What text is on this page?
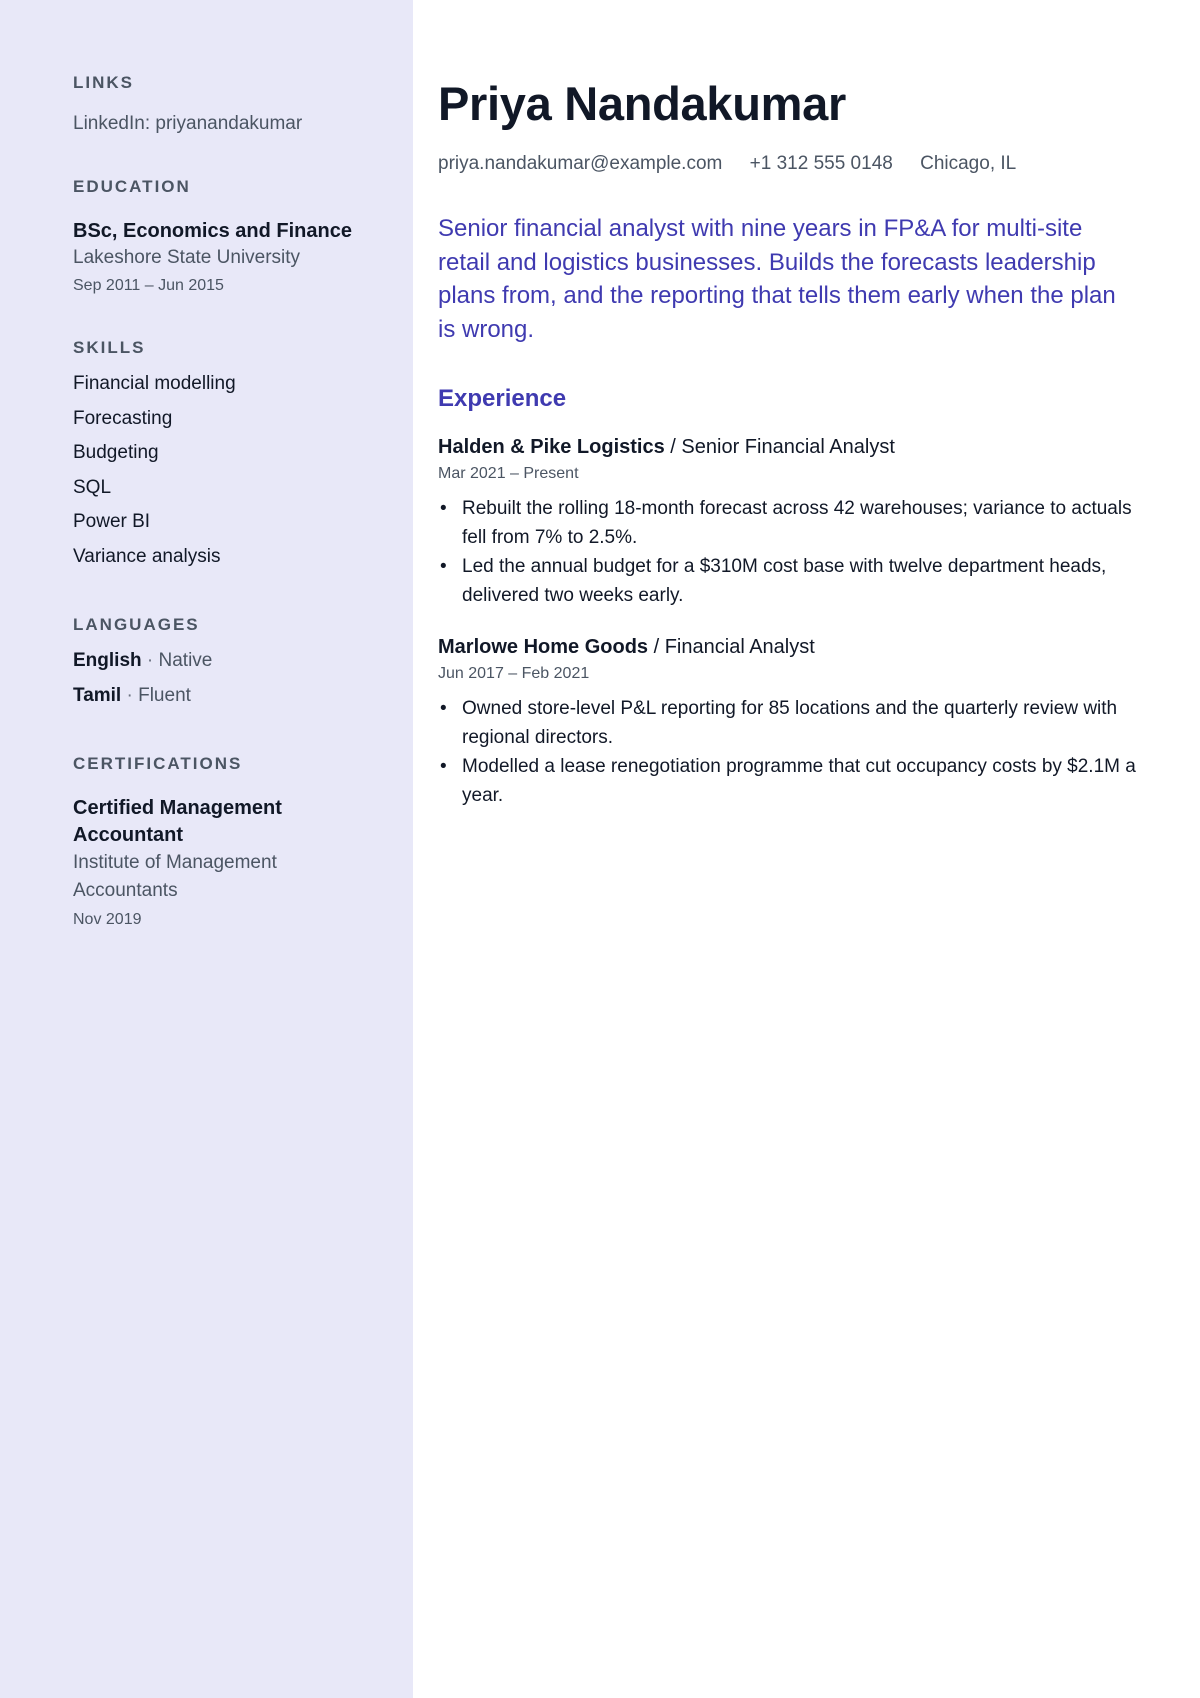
LINKS
LinkedIn: priyanandakumar
EDUCATION
BSc, Economics and Finance
Lakeshore State University
Sep 2011 – Jun 2015
SKILLS
Financial modelling
Forecasting
Budgeting
SQL
Power BI
Variance analysis
LANGUAGES
English · Native
Tamil · Fluent
CERTIFICATIONS
Certified Management Accountant
Institute of Management Accountants
Nov 2019
Priya Nandakumar
priya.nandakumar@example.com +1 312 555 0148 Chicago, IL

Senior financial analyst with nine years in FP&A for multi-site retail and logistics businesses. Builds the forecasts leadership plans from, and the reporting that tells them early when the plan is wrong.

Experience
Halden & Pike Logistics / Senior Financial Analyst
Mar 2021 – Present
• Rebuilt the rolling 18-month forecast across 42 warehouses; variance to actuals fell from 7% to 2.5%.
• Led the annual budget for a $310M cost base with twelve department heads, delivered two weeks early.
Marlowe Home Goods / Financial Analyst
Jun 2017 – Feb 2021
• Owned store-level P&L reporting for 85 locations and the quarterly review with regional directors.
• Modelled a lease renegotiation programme that cut occupancy costs by $2.1M a year.
